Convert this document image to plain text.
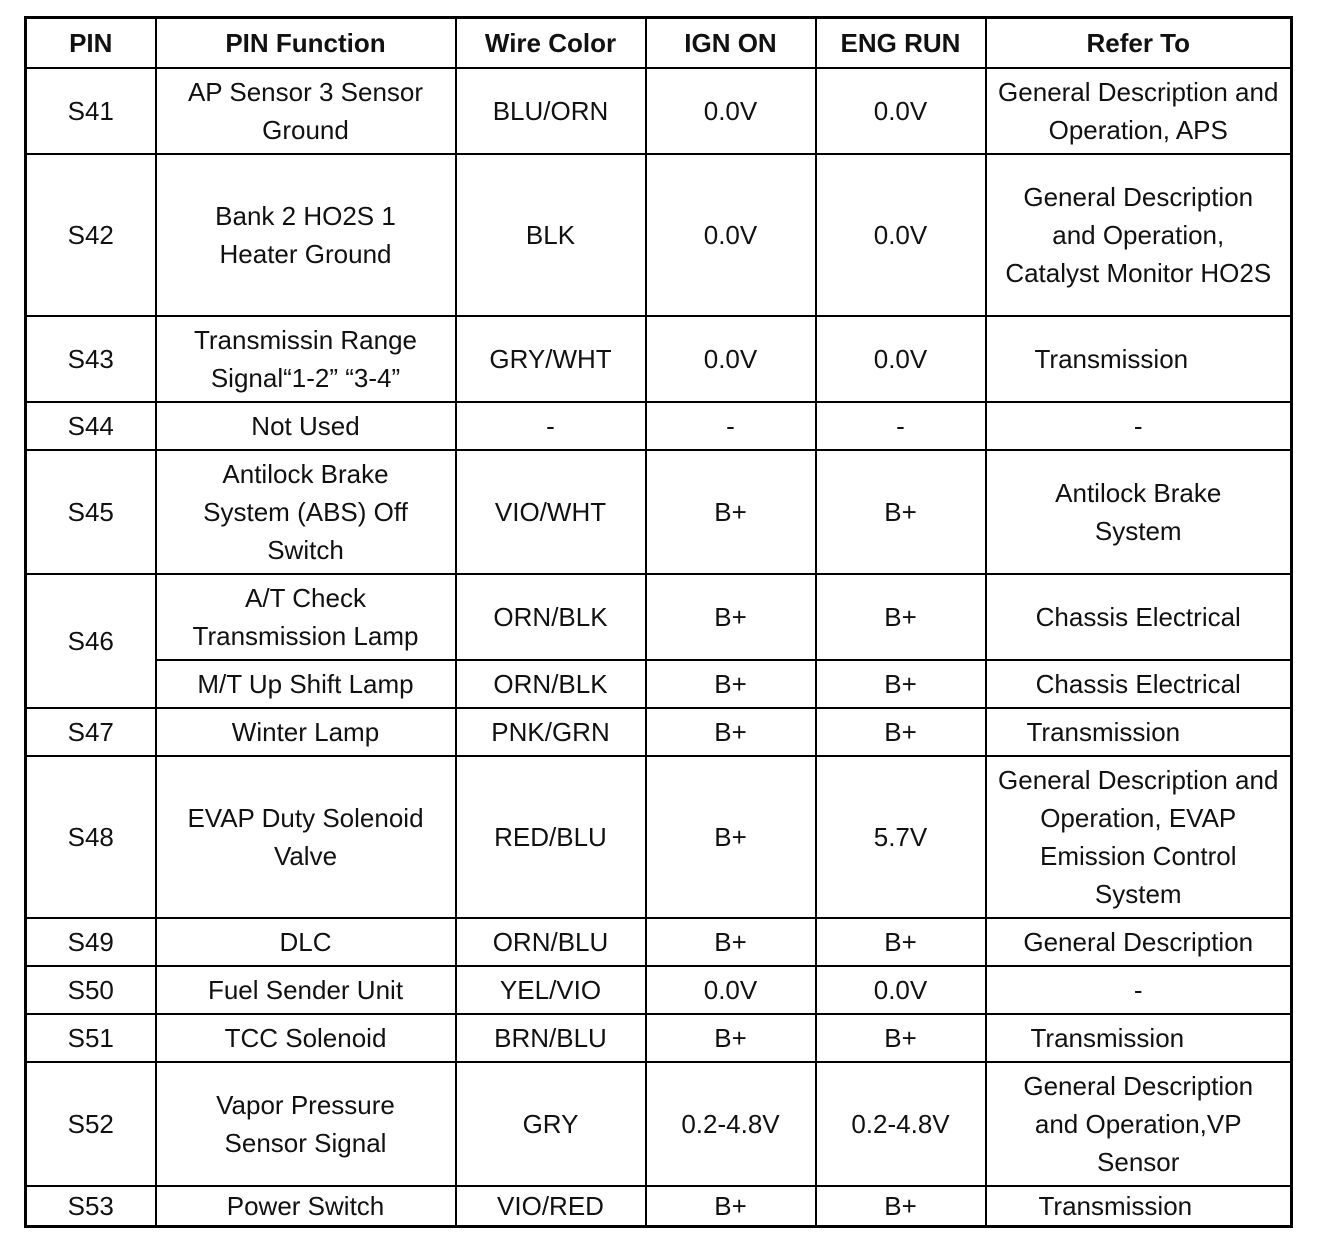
PIN	PIN Function	Wire Color	IGN ON	ENG RUN	Refer To
S41	AP Sensor 3 Sensor Ground	BLU/ORN	0.0V	0.0V	General Description and Operation, APS
S42	Bank 2 HO2S 1 Heater Ground	BLK	0.0V	0.0V	General Description and Operation, Catalyst Monitor HO2S
S43	Transmissin Range Signal“1-2” “3-4”	GRY/WHT	0.0V	0.0V	Transmission
S44	Not Used	-	-	-	-
S45	Antilock Brake System (ABS) Off Switch	VIO/WHT	B+	B+	Antilock Brake System
S46	A/T Check Transmission Lamp	ORN/BLK	B+	B+	Chassis Electrical
	M/T Up Shift Lamp	ORN/BLK	B+	B+	Chassis Electrical
S47	Winter Lamp	PNK/GRN	B+	B+	Transmission
S48	EVAP Duty Solenoid Valve	RED/BLU	B+	5.7V	General Description and Operation, EVAP Emission Control System
S49	DLC	ORN/BLU	B+	B+	General Description
S50	Fuel Sender Unit	YEL/VIO	0.0V	0.0V	-
S51	TCC Solenoid	BRN/BLU	B+	B+	Transmission
S52	Vapor Pressure Sensor Signal	GRY	0.2-4.8V	0.2-4.8V	General Description and Operation,VP Sensor
S53	Power Switch	VIO/RED	B+	B+	Transmission
